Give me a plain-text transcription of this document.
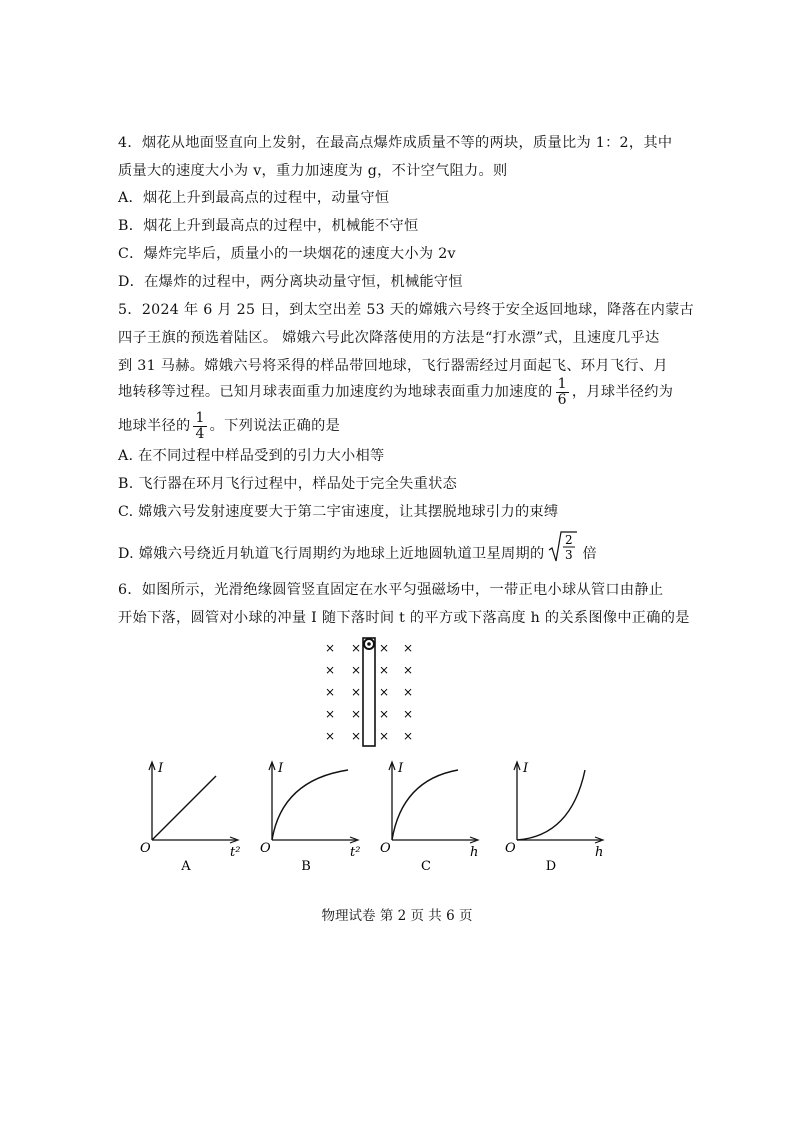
4．烟花从地面竖直向上发射，在最高点爆炸成质量不等的两块，质量比为 1：2，其中
质量大的速度大小为 v，重力加速度为 g，不计空气阻力。则
A．烟花上升到最高点的过程中，动量守恒
B．烟花上升到最高点的过程中，机械能不守恒
C．爆炸完毕后，质量小的一块烟花的速度大小为 2v
D．在爆炸的过程中，两分离块动量守恒，机械能守恒
5．2024 年 6 月 25 日，到太空出差 53 天的嫦娥六号终于安全返回地球，降落在内蒙古
四子王旗的预选着陆区。 嫦娥六号此次降落使用的方法是“打水漂”式，且速度几乎达
到 31 马赫。嫦娥六号将采得的样品带回地球，飞行器需经过月面起飞、环月飞行、月
地转移等过程。已知月球表面重力加速度约为地球表面重力加速度的 $\frac{1}{6}$ ，月球半径约为
地球半径的 $\frac{1}{4}$ 。下列说法正确的是
A. 在不同过程中样品受到的引力大小相等
B. 飞行器在环月飞行过程中，样品处于完全失重状态
C. 嫦娥六号发射速度要大于第二宇宙速度，让其摆脱地球引力的束缚
D. 嫦娥六号绕近月轨道飞行周期约为地球上近地圆轨道卫星周期的
2
3 倍
6．如图所示，光滑绝缘圆管竖直固定在水平匀强磁场中，一带正电小球从管口由静止
开始下落，圆管对小球的冲量 I 随下落时间 t 的平方或下落高度 h 的关系图像中正确的是
× × × ×
× × × ×
× × × ×
× × × ×
× × × ×
I
O	t²
A
I
O	t²
B
I
O	h
C
I
O	h
D
物理试卷 第 2 页 共 6 页
